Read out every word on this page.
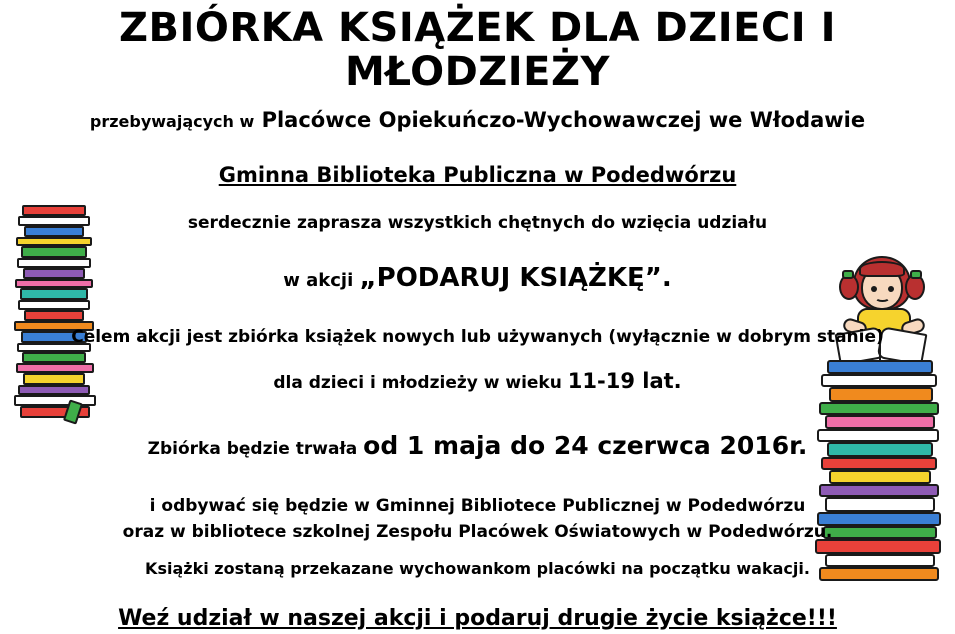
ZBIÓRKA KSIĄŻEK DLA DZIECI I MŁODZIEŻY

przebywających w Placówce Opiekuńczo-Wychowawczej we Włodawie

Gminna Biblioteka Publiczna w Podedwórzu

serdecznie zaprasza wszystkich chętnych do wzięcia udziału

w akcji „PODARUJ KSIĄŻKĘ”.

Celem akcji jest zbiórka książek nowych lub używanych (wyłącznie w dobrym stanie)

dla dzieci i młodzieży w wieku 11-19 lat.

Zbiórka będzie trwała od 1 maja do 24 czerwca 2016r.

i odbywać się będzie w Gminnej Bibliotece Publicznej w Podedwórzu
oraz w bibliotece szkolnej Zespołu Placówek Oświatowych w Podedwórzu.

Książki zostaną przekazane wychowankom placówki na początku wakacji.

Weź udział w naszej akcji i podaruj drugie życie książce!!!
